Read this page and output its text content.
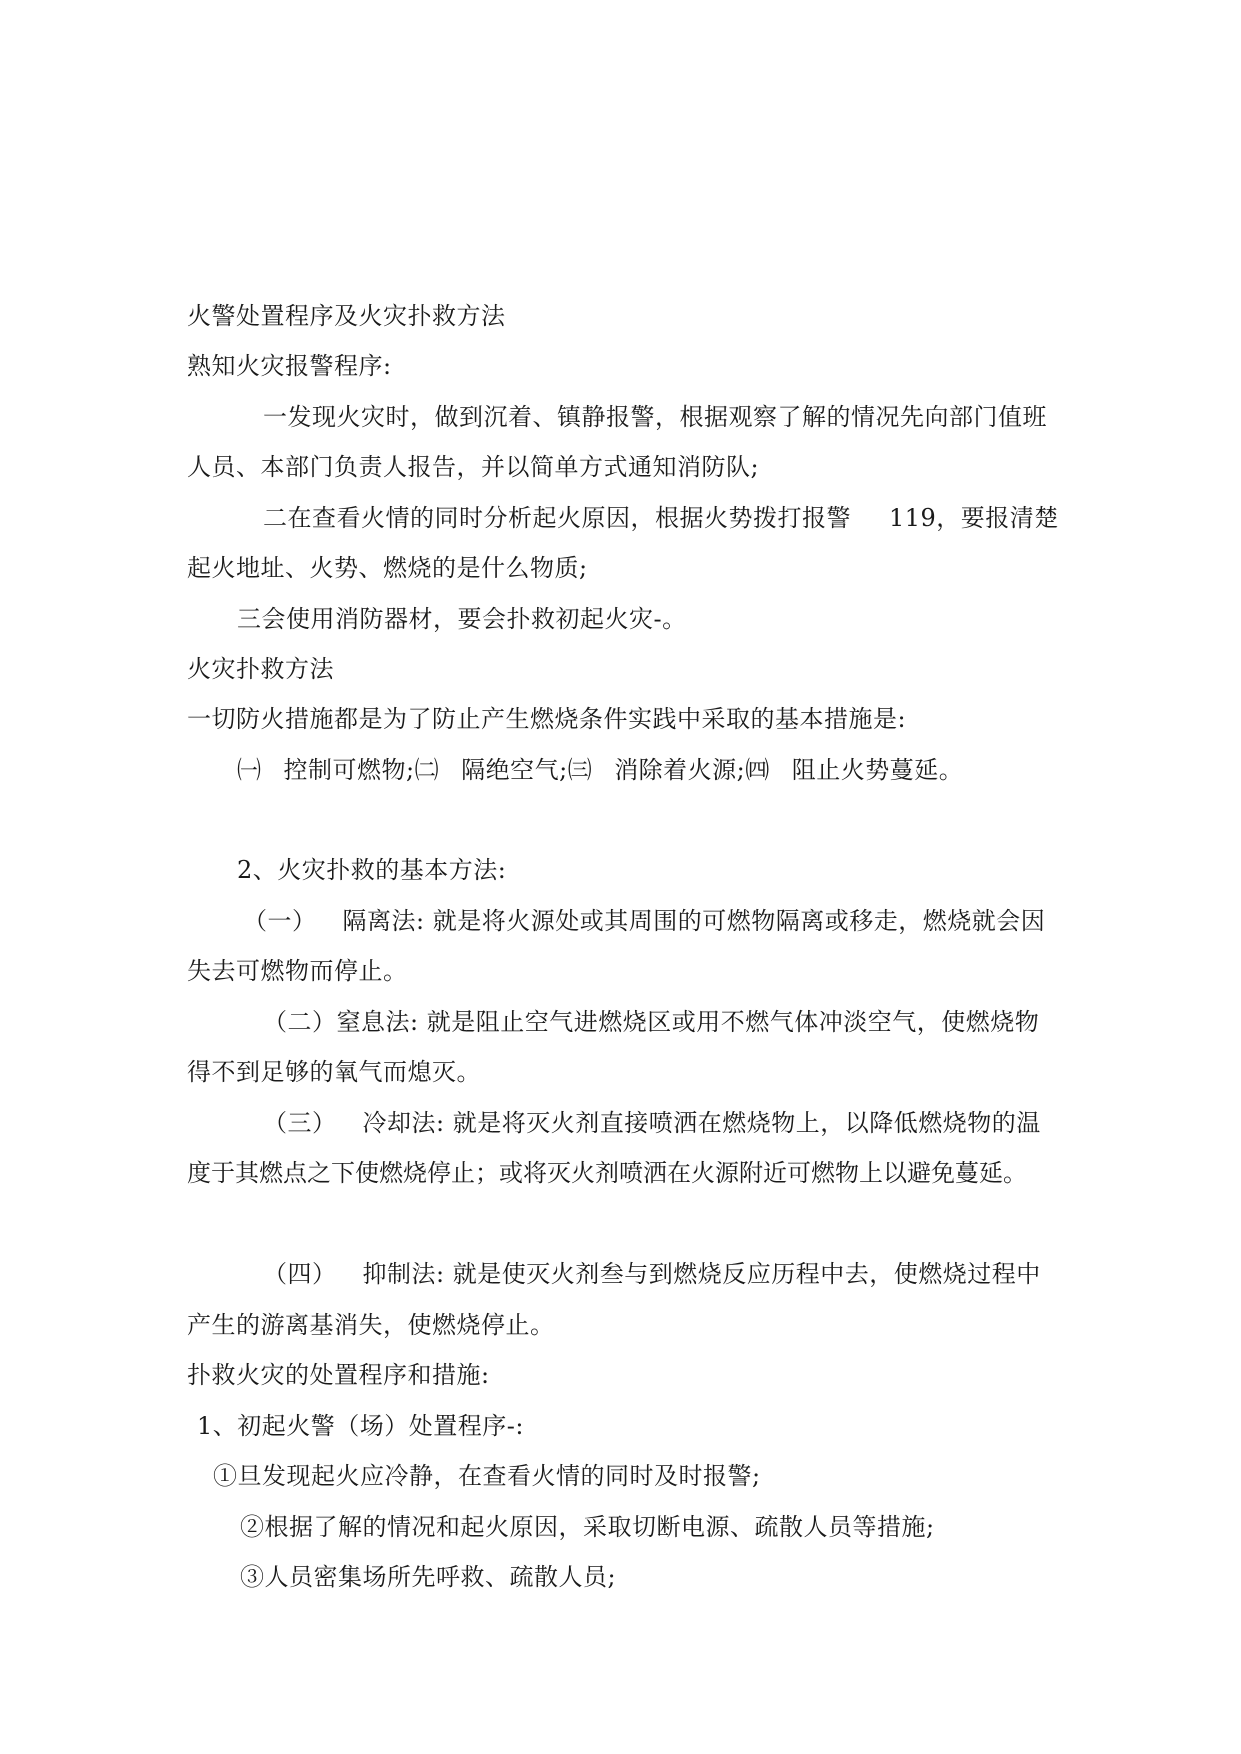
火警处置程序及火灾扑救方法
熟知火灾报警程序:
一发现火灾时，做到沉着、镇静报警，根据观察了解的情况先向部门值班
人员、本部门负责人报告，并以简单方式通知消防队;
二在查看火情的同时分析起火原因，根据火势拨打报警 119，要报清楚
起火地址、火势、燃烧的是什么物质;
三会使用消防器材，要会扑救初起火灾-。
火灾扑救方法
一切防火措施都是为了防止产生燃烧条件实践中采取的基本措施是:
㈠ 控制可燃物;㈡ 隔绝空气;㈢ 消除着火源;㈣ 阻止火势蔓延。
2、火灾扑救的基本方法:
（一） 隔离法: 就是将火源处或其周围的可燃物隔离或移走，燃烧就会因
失去可燃物而停止。
（二）窒息法: 就是阻止空气进燃烧区或用不燃气体冲淡空气，使燃烧物
得不到足够的氧气而熄灭。
（三） 冷却法: 就是将灭火剂直接喷洒在燃烧物上，以降低燃烧物的温
度于其燃点之下使燃烧停止；或将灭火剂喷洒在火源附近可燃物上以避免蔓延。
（四） 抑制法: 就是使灭火剂叁与到燃烧反应历程中去，使燃烧过程中
产生的游离基消失，使燃烧停止。
扑救火灾的处置程序和措施:
1、初起火警（场）处置程序-:
①旦发现起火应冷静，在查看火情的同时及时报警;
②根据了解的情况和起火原因，采取切断电源、疏散人员等措施;
③人员密集场所先呼救、疏散人员;
